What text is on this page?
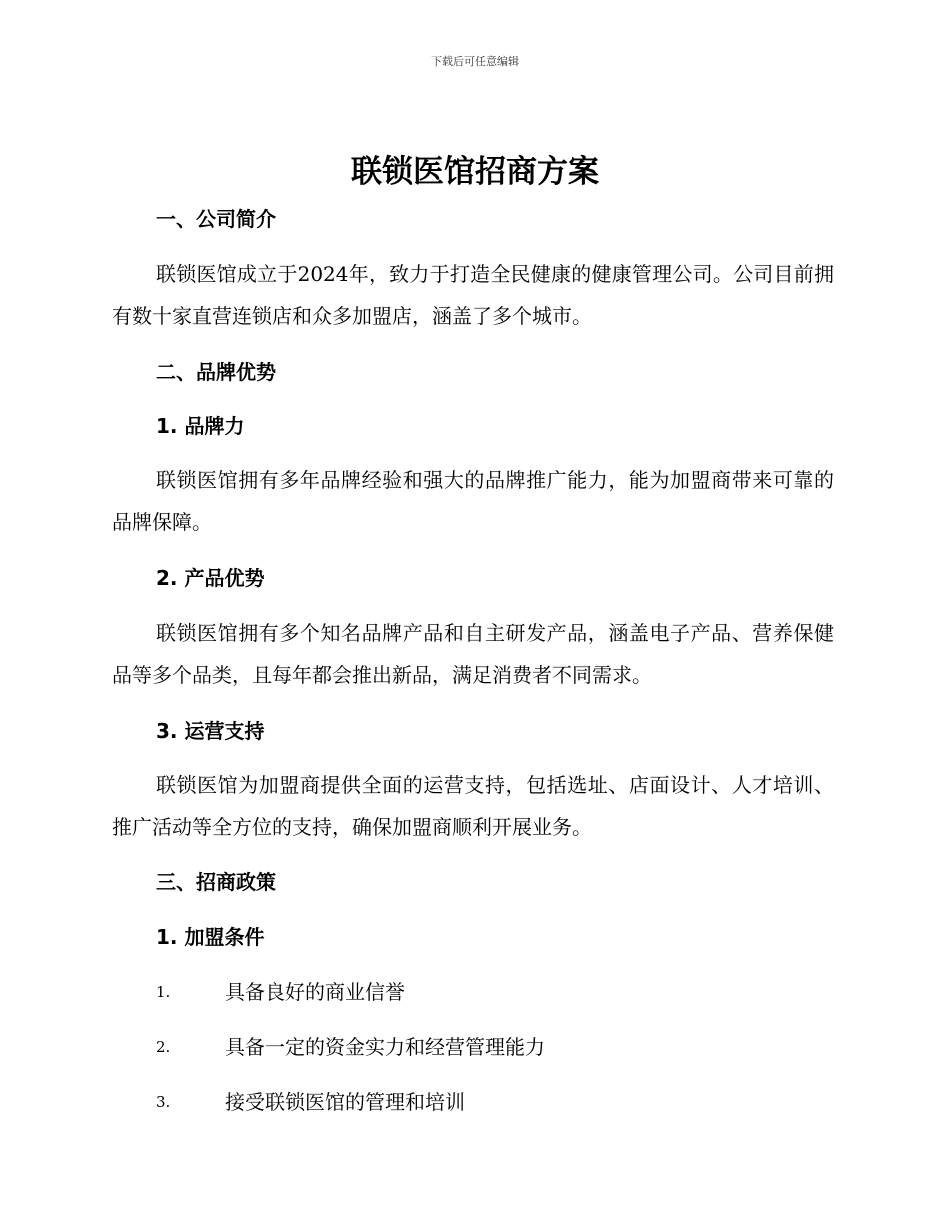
下载后可任意编辑
联锁医馆招商方案
一、公司简介

联锁医馆成立于2024年，致力于打造全民健康的健康管理公司。公司目前拥有数十家直营连锁店和众多加盟店，涵盖了多个城市。

二、品牌优势
1. 品牌力

联锁医馆拥有多年品牌经验和强大的品牌推广能力，能为加盟商带来可靠的品牌保障。

2. 产品优势

联锁医馆拥有多个知名品牌产品和自主研发产品，涵盖电子产品、营养保健品等多个品类，且每年都会推出新品，满足消费者不同需求。

3. 运营支持

联锁医馆为加盟商提供全面的运营支持，包括选址、店面设计、人才培训、推广活动等全方位的支持，确保加盟商顺利开展业务。

三、招商政策
1. 加盟条件
1.	具备良好的商业信誉
2.	具备一定的资金实力和经营管理能力
3.	接受联锁医馆的管理和培训
